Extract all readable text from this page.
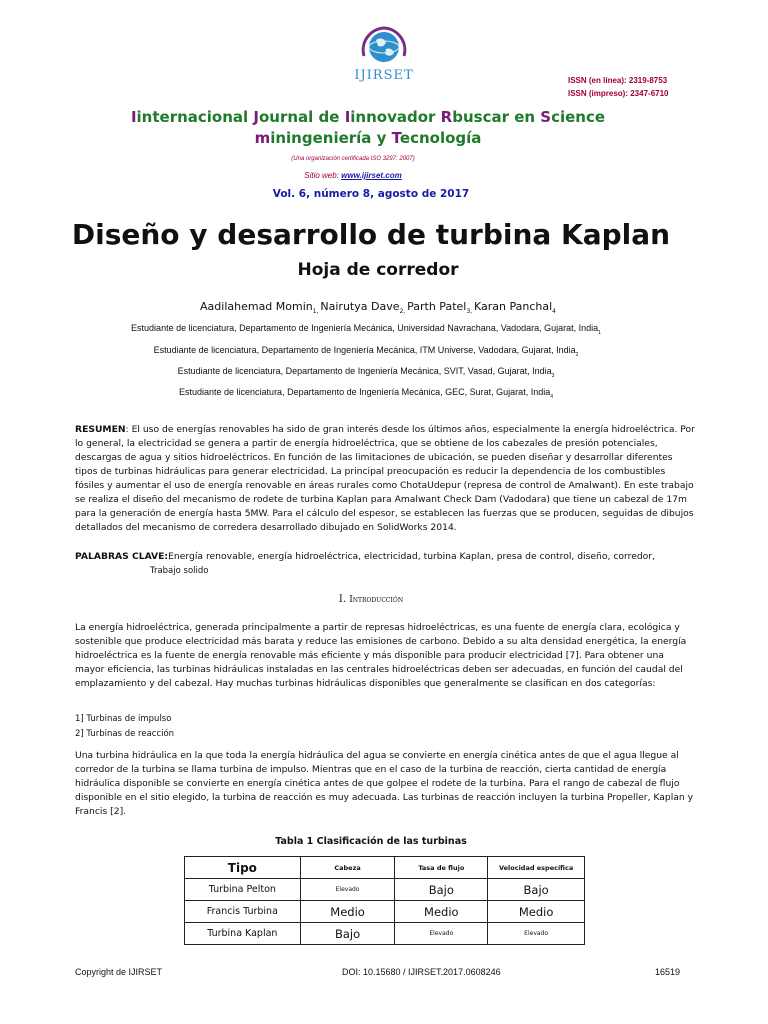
IJIRSET	ISSN (en línea): 2319-8753
ISSN (impreso): 2347-6710
Iinternacional Journal de Iinnovador Rbuscar en Science
miningeniería y Tecnología
(Una organización certificada ISO 3297: 2007)
Sitio web: www.ijirset.com
Vol. 6, número 8, agosto de 2017
Diseño y desarrollo de turbina Kaplan
Hoja de corredor
Aadilahemad Momin$_{1,}$ Nairutya Dave$_{2,}$ Parth Patel$_{3,}$ Karan Panchal$_4$
Estudiante de licenciatura, Departamento de Ingeniería Mecánica, Universidad Navrachana, Vadodara, Gujarat, India$_1$
Estudiante de licenciatura, Departamento de Ingeniería Mecánica, ITM Universe, Vadodara, Gujarat, India$_2$
Estudiante de licenciatura, Departamento de Ingeniería Mecánica, SVIT, Vasad, Gujarat, India$_3$
Estudiante de licenciatura, Departamento de Ingeniería Mecánica, GEC, Surat, Gujarat, India$_4$
RESUMEN: El uso de energías renovables ha sido de gran interés desde los últimos años, especialmente la energía hidroeléctrica. Por lo general, la electricidad se genera a partir de energía hidroeléctrica, que se obtiene de los cabezales de presión potenciales, descargas de agua y sitios hidroeléctricos. En función de las limitaciones de ubicación, se pueden diseñar y desarrollar diferentes tipos de turbinas hidráulicas para generar electricidad. La principal preocupación es reducir la dependencia de los combustibles fósiles y aumentar el uso de energía renovable en áreas rurales como ChotaUdepur (represa de control de Amalwant). En este trabajo se realiza el diseño del mecanismo de rodete de turbina Kaplan para Amalwant Check Dam (Vadodara) que tiene un cabezal de 17m para la generación de energía hasta 5MW. Para el cálculo del espesor, se establecen las fuerzas que se producen, seguidas de dibujos detallados del mecanismo de corredera desarrollado dibujado en SolidWorks 2014.
PALABRAS CLAVE:Energía renovable, energía hidroeléctrica, electricidad, turbina Kaplan, presa de control, diseño, corredor,
Trabajo solido
I. Introducción
La energía hidroeléctrica, generada principalmente a partir de represas hidroeléctricas, es una fuente de energía clara, ecológica y sostenible que produce electricidad más barata y reduce las emisiones de carbono. Debido a su alta densidad energética, la energía hidroeléctrica es la fuente de energía renovable más eficiente y más disponible para producir electricidad [7]. Para obtener una mayor eficiencia, las turbinas hidráulicas instaladas en las centrales hidroeléctricas deben ser adecuadas, en función del caudal del emplazamiento y del cabezal. Hay muchas turbinas hidráulicas disponibles que generalmente se clasifican en dos categorías:
1] Turbinas de impulso
2] Turbinas de reacción
Una turbina hidráulica en la que toda la energía hidráulica del agua se convierte en energía cinética antes de que el agua llegue al corredor de la turbina se llama turbina de impulso. Mientras que en el caso de la turbina de reacción, cierta cantidad de energía hidráulica disponible se convierte en energía cinética antes de que golpee el rodete de la turbina. Para el rango de cabezal de flujo disponible en el sitio elegido, la turbina de reacción es muy adecuada. Las turbinas de reacción incluyen la turbina Propeller, Kaplan y Francis [2].
Tabla 1 Clasificación de las turbinas
Tipo	Cabeza	Tasa de flujo	Velocidad específica
Turbina Pelton	Elevado	Bajo	Bajo
Francis Turbina	Medio	Medio	Medio
Turbina Kaplan	Bajo	Elevado	Elevado
Copyright de IJIRSET	DOI: 10.15680 / IJIRSET.2017.0608246	16519
